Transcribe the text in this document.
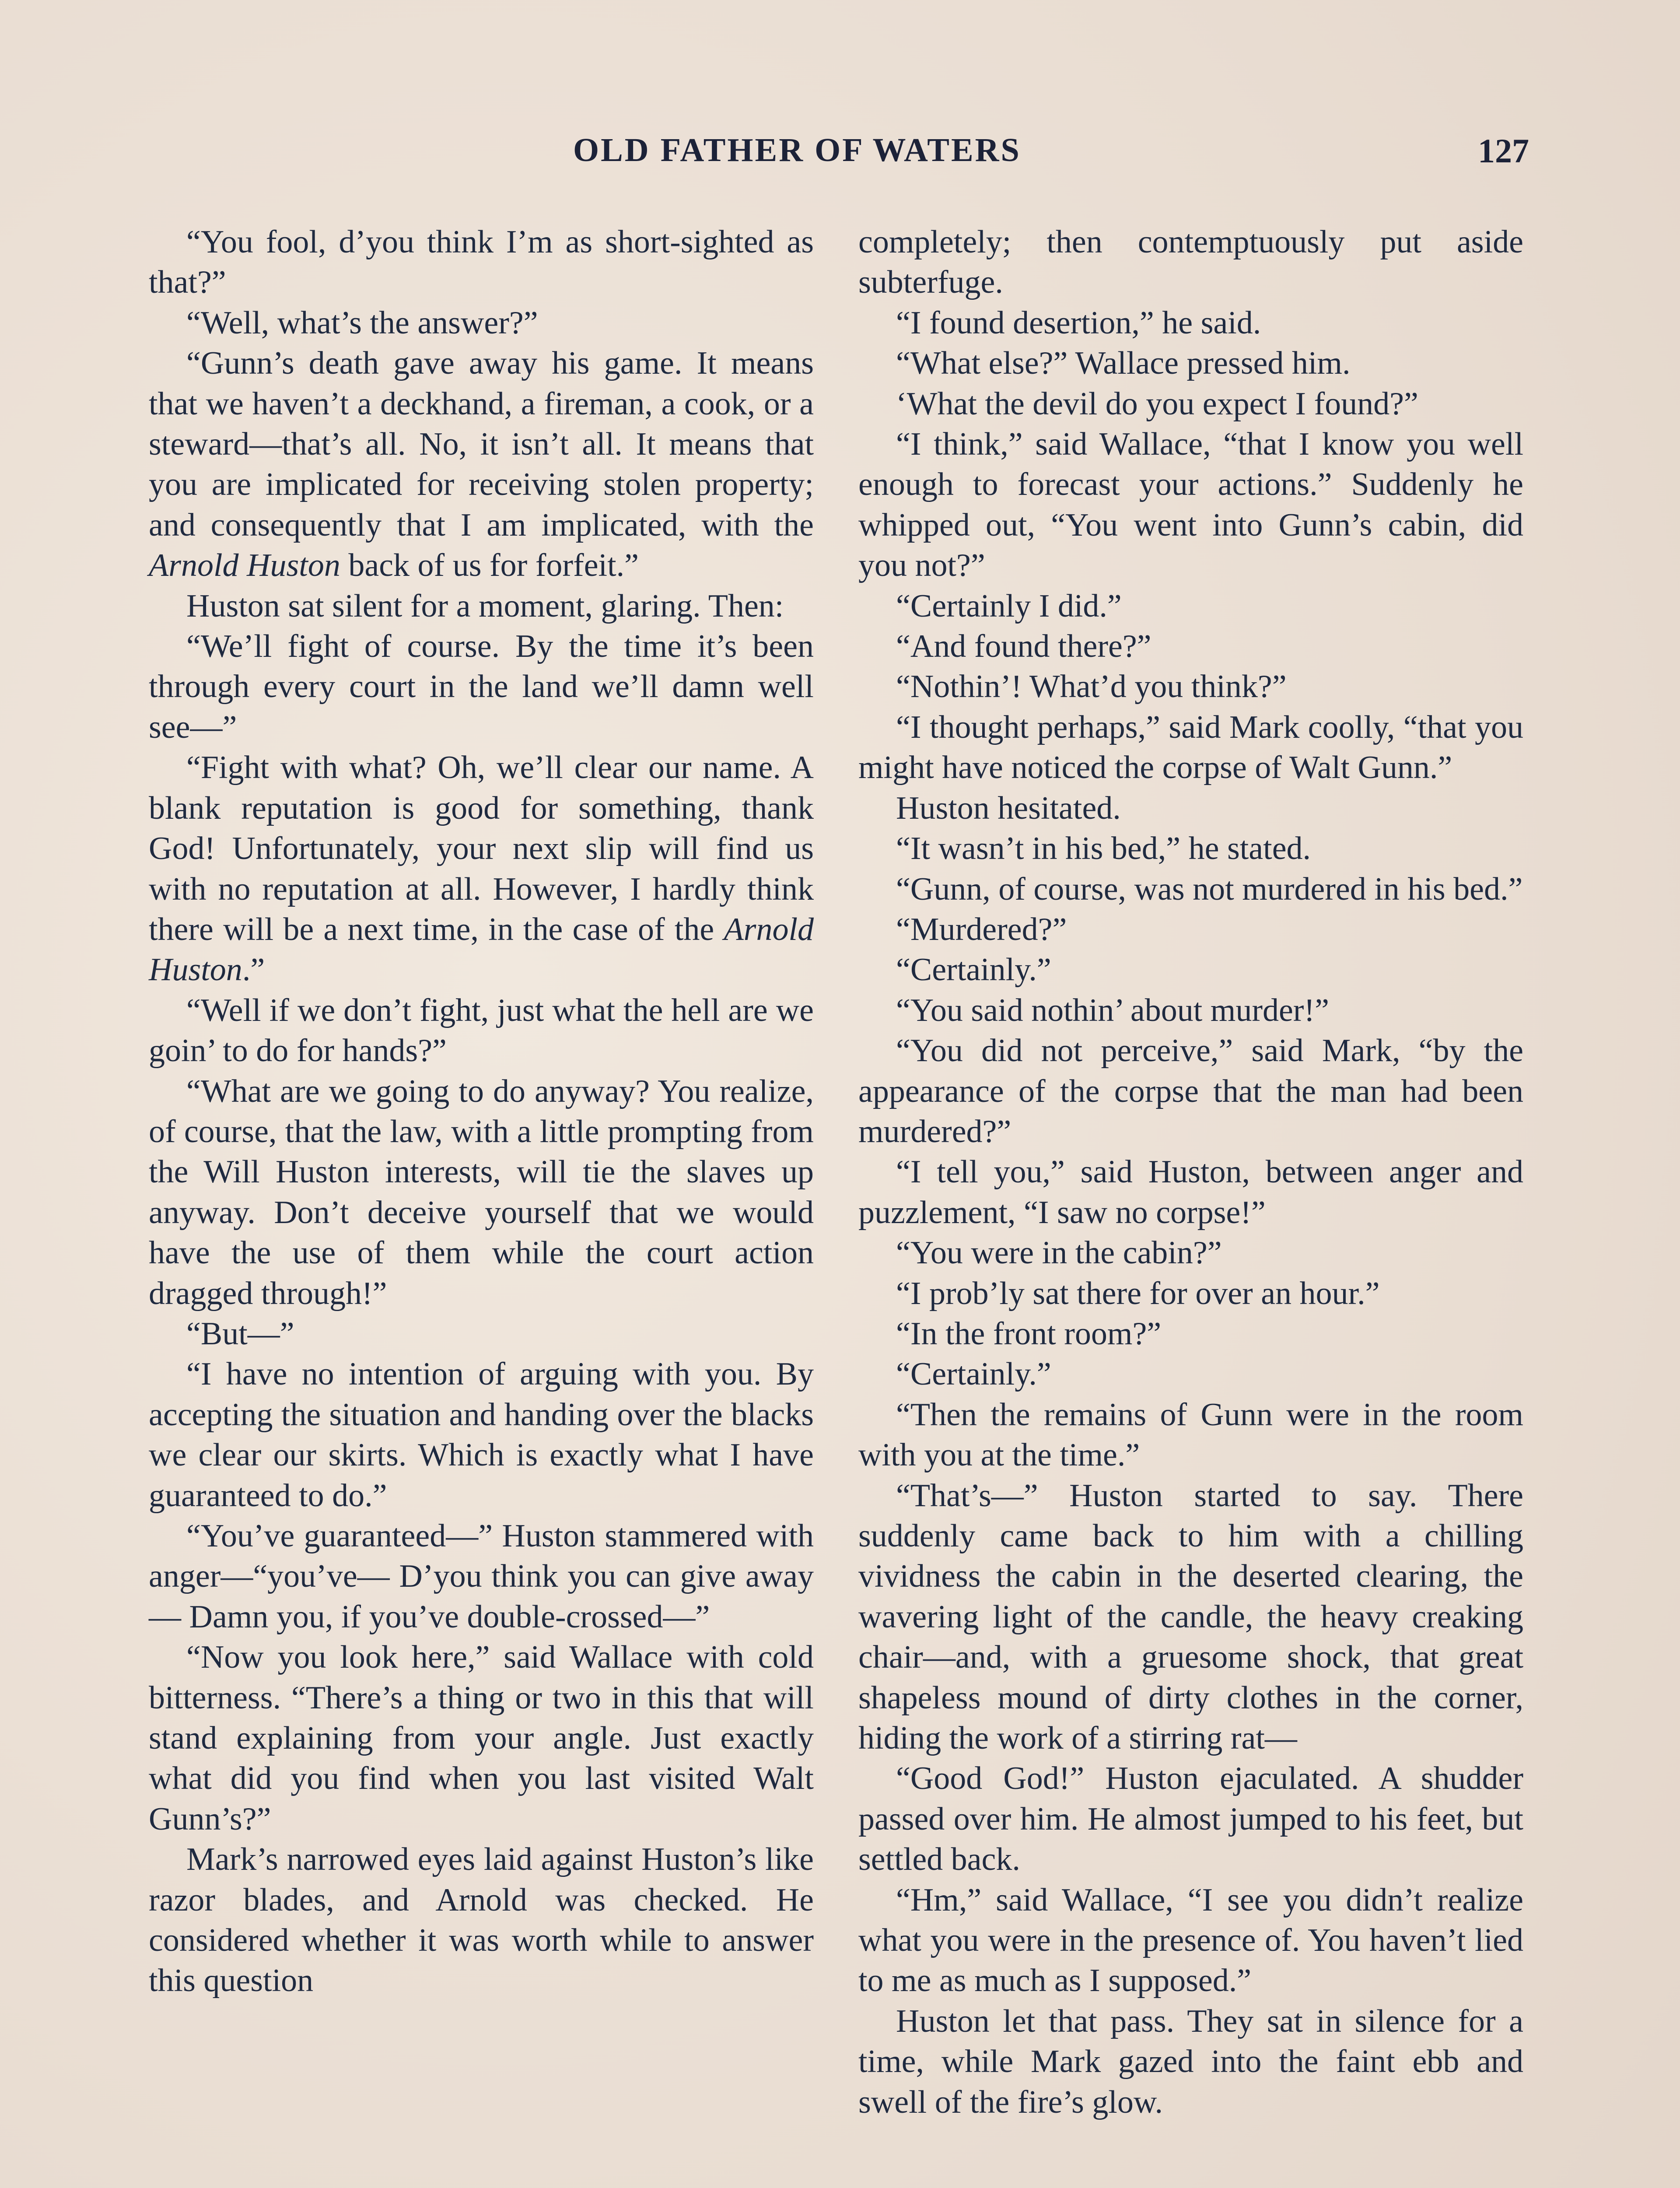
OLD FATHER OF WATERS	127

“You fool, d’you think I’m as short-sighted as that?”

“Well, what’s the answer?”

“Gunn’s death gave away his game. It means that we haven’t a deckhand, a fireman, a cook, or a steward—that’s all. No, it isn’t all. It means that you are implicated for receiving stolen property; and consequently that I am implicated, with the Arnold Huston back of us for forfeit.”

Huston sat silent for a moment, glaring. Then:

“We’ll fight of course. By the time it’s been through every court in the land we’ll damn well see—”

“Fight with what? Oh, we’ll clear our name. A blank reputation is good for something, thank God! Unfortunately, your next slip will find us with no reputation at all. However, I hardly think there will be a next time, in the case of the Arnold Huston.”

“Well if we don’t fight, just what the hell are we goin’ to do for hands?”

“What are we going to do anyway? You realize, of course, that the law, with a little prompting from the Will Huston interests, will tie the slaves up anyway. Don’t deceive yourself that we would have the use of them while the court action dragged through!”

“But—”

“I have no intention of arguing with you. By accepting the situation and handing over the blacks we clear our skirts. Which is exactly what I have guaranteed to do.”

“You’ve guaranteed—” Huston stammered with anger—“you’ve— D’you think you can give away— Damn you, if you’ve double-crossed—”

“Now you look here,” said Wallace with cold bitterness. “There’s a thing or two in this that will stand explaining from your angle. Just exactly what did you find when you last visited Walt Gunn’s?”

Mark’s narrowed eyes laid against Huston’s like razor blades, and Arnold was checked. He considered whether it was worth while to answer this question

completely; then contemptuously put aside subterfuge.

“I found desertion,” he said.

“What else?” Wallace pressed him.

‘What the devil do you expect I found?”

“I think,” said Wallace, “that I know you well enough to forecast your actions.” Suddenly he whipped out, “You went into Gunn’s cabin, did you not?”

“Certainly I did.”

“And found there?”

“Nothin’! What’d you think?”

“I thought perhaps,” said Mark coolly, “that you might have noticed the corpse of Walt Gunn.”

Huston hesitated.

“It wasn’t in his bed,” he stated.

“Gunn, of course, was not murdered in his bed.”

“Murdered?”

“Certainly.”

“You said nothin’ about murder!”

“You did not perceive,” said Mark, “by the appearance of the corpse that the man had been murdered?”

“I tell you,” said Huston, between anger and puzzlement, “I saw no corpse!”

“You were in the cabin?”

“I prob’ly sat there for over an hour.”

“In the front room?”

“Certainly.”

“Then the remains of Gunn were in the room with you at the time.”

“That’s—” Huston started to say. There suddenly came back to him with a chilling vividness the cabin in the deserted clearing, the wavering light of the candle, the heavy creaking chair—and, with a gruesome shock, that great shapeless mound of dirty clothes in the corner, hiding the work of a stirring rat—

“Good God!” Huston ejaculated. A shudder passed over him. He almost jumped to his feet, but settled back.

“Hm,” said Wallace, “I see you didn’t realize what you were in the presence of. You haven’t lied to me as much as I supposed.”

Huston let that pass. They sat in silence for a time, while Mark gazed into the faint ebb and swell of the fire’s glow.
